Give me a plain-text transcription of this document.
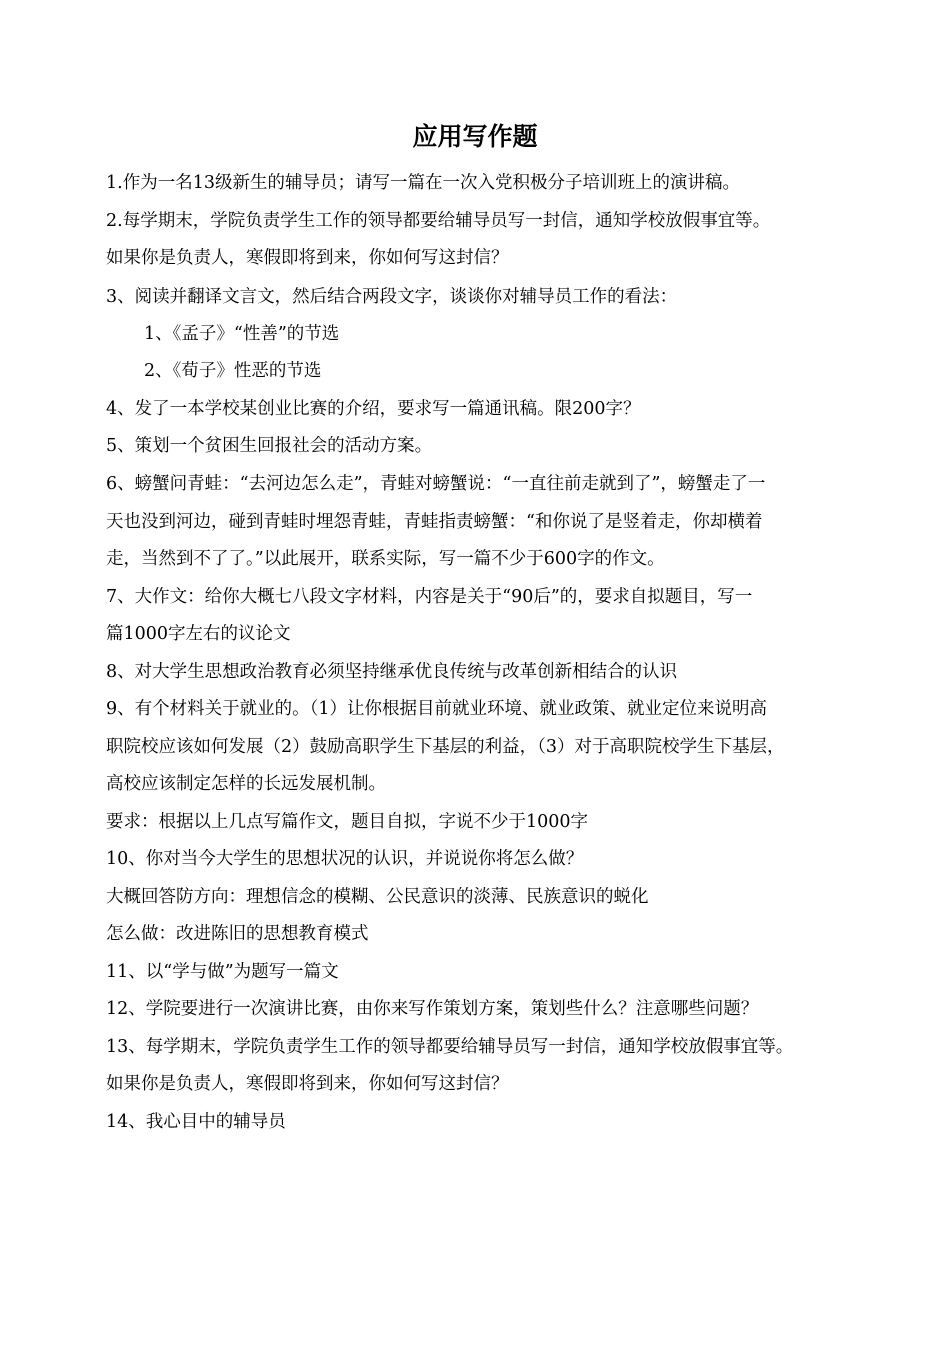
应用写作题
1.作为一名13级新生的辅导员；请写一篇在一次入党积极分子培训班上的演讲稿。
2.每学期末，学院负责学生工作的领导都要给辅导员写一封信，通知学校放假事宜等。
如果你是负责人，寒假即将到来，你如何写这封信？
3、阅读并翻译文言文，然后结合两段文字，谈谈你对辅导员工作的看法：
1、《孟子》“性善”的节选
2、《荀子》性恶的节选
4、发了一本学校某创业比赛的介绍，要求写一篇通讯稿。限200字？
5、策划一个贫困生回报社会的活动方案。
6、螃蟹问青蛙：“去河边怎么走”，青蛙对螃蟹说：“一直往前走就到了”，螃蟹走了一
天也没到河边，碰到青蛙时埋怨青蛙，青蛙指责螃蟹：“和你说了是竖着走，你却横着
走，当然到不了了。”以此展开，联系实际，写一篇不少于600字的作文。
7、大作文：给你大概七八段文字材料，内容是关于“90后”的，要求自拟题目，写一
篇1000字左右的议论文
8、对大学生思想政治教育必须坚持继承优良传统与改革创新相结合的认识
9、有个材料关于就业的。（1）让你根据目前就业环境、就业政策、就业定位来说明高
职院校应该如何发展（2）鼓励高职学生下基层的利益，（3）对于高职院校学生下基层，
高校应该制定怎样的长远发展机制。
要求：根据以上几点写篇作文，题目自拟，字说不少于1000字
10、你对当今大学生的思想状况的认识，并说说你将怎么做？
大概回答防方向：理想信念的模糊、公民意识的淡薄、民族意识的蜕化
怎么做：改进陈旧的思想教育模式
11、以“学与做”为题写一篇文
12、学院要进行一次演讲比赛，由你来写作策划方案，策划些什么？注意哪些问题？
13、每学期末，学院负责学生工作的领导都要给辅导员写一封信，通知学校放假事宜等。
如果你是负责人，寒假即将到来，你如何写这封信？
14、我心目中的辅导员
